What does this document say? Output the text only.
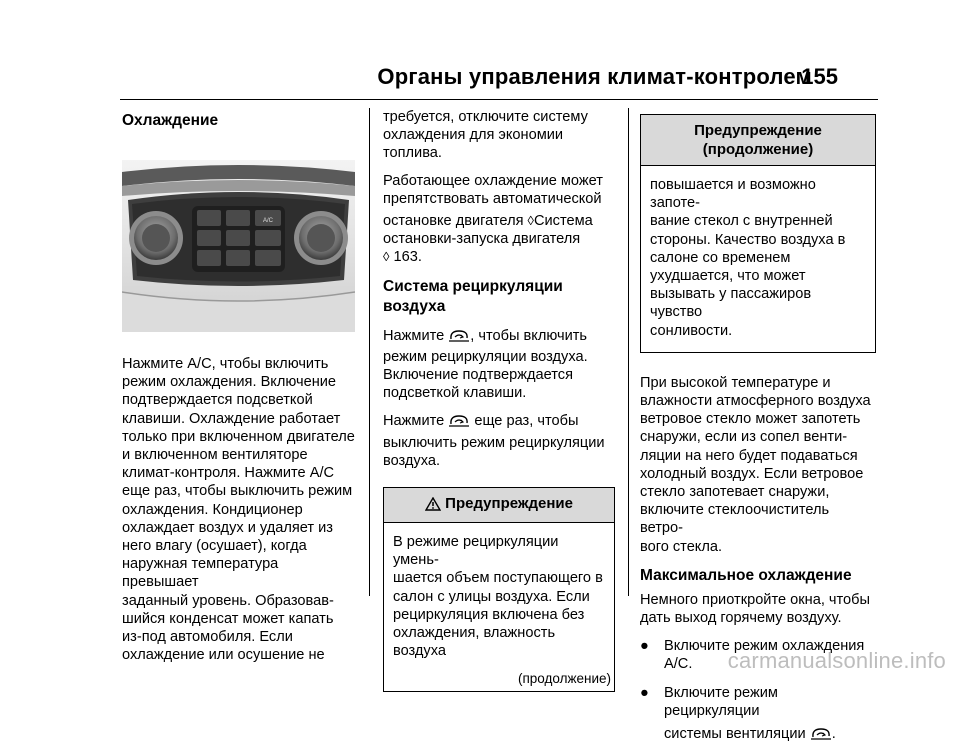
Органы управления климат-контролем
155
Охлаждение
A/C
Нажмите A/C, чтобы включить
режим охлаждения. Включение
подтверждается подсветкой
клавиши. Охлаждение работает
только при включенном двигателе
и включенном вентиляторе
климат-контроля. Нажмите A/C
еще раз, чтобы выключить режим
охлаждения. Кондиционер
охлаждает воздух и удаляет из
него влагу (осушает), когда
наружная температура превышает
заданный уровень. Образовав-
шийся конденсат может капать
из-под автомобиля. Если
охлаждение или осушение не
требуется, отключите систему
охлаждения для экономии
топлива.
Работающее охлаждение может
препятствовать автоматической
остановке двигателя ◊Система
остановки-запуска двигателя
◊ 163.
Система рециркуляции
воздуха
Нажмите , чтобы включить
режим рециркуляции воздуха.
Включение подтверждается
подсветкой клавиши.
Нажмите  еще раз, чтобы
выключить режим рециркуляции
воздуха.
Предупреждение
В режиме рециркуляции умень-
шается объем поступающего в
салон с улицы воздуха. Если
рециркуляция включена без
охлаждения, влажность воздуха
(продолжение)
Предупреждение
(продолжение)
повышается и возможно запоте-
вание стекол с внутренней
стороны. Качество воздуха в
салоне со временем
ухудшается, что может
вызывать у пассажиров чувство
сонливости.
При высокой температуре и
влажности атмосферного воздуха
ветровое стекло может запотеть
снаружи, если из сопел венти-
ляции на него будет подаваться
холодный воздух. Если ветровое
стекло запотевает снаружи,
включите стеклоочиститель ветро-
вого стекла.
Максимальное охлаждение
Немного приоткройте окна, чтобы
дать выход горячему воздуху.
●	Включите режим охлаждения
A/C.
●	Включите режим рециркуляции
системы вентиляции .
carmanualsonline.info
